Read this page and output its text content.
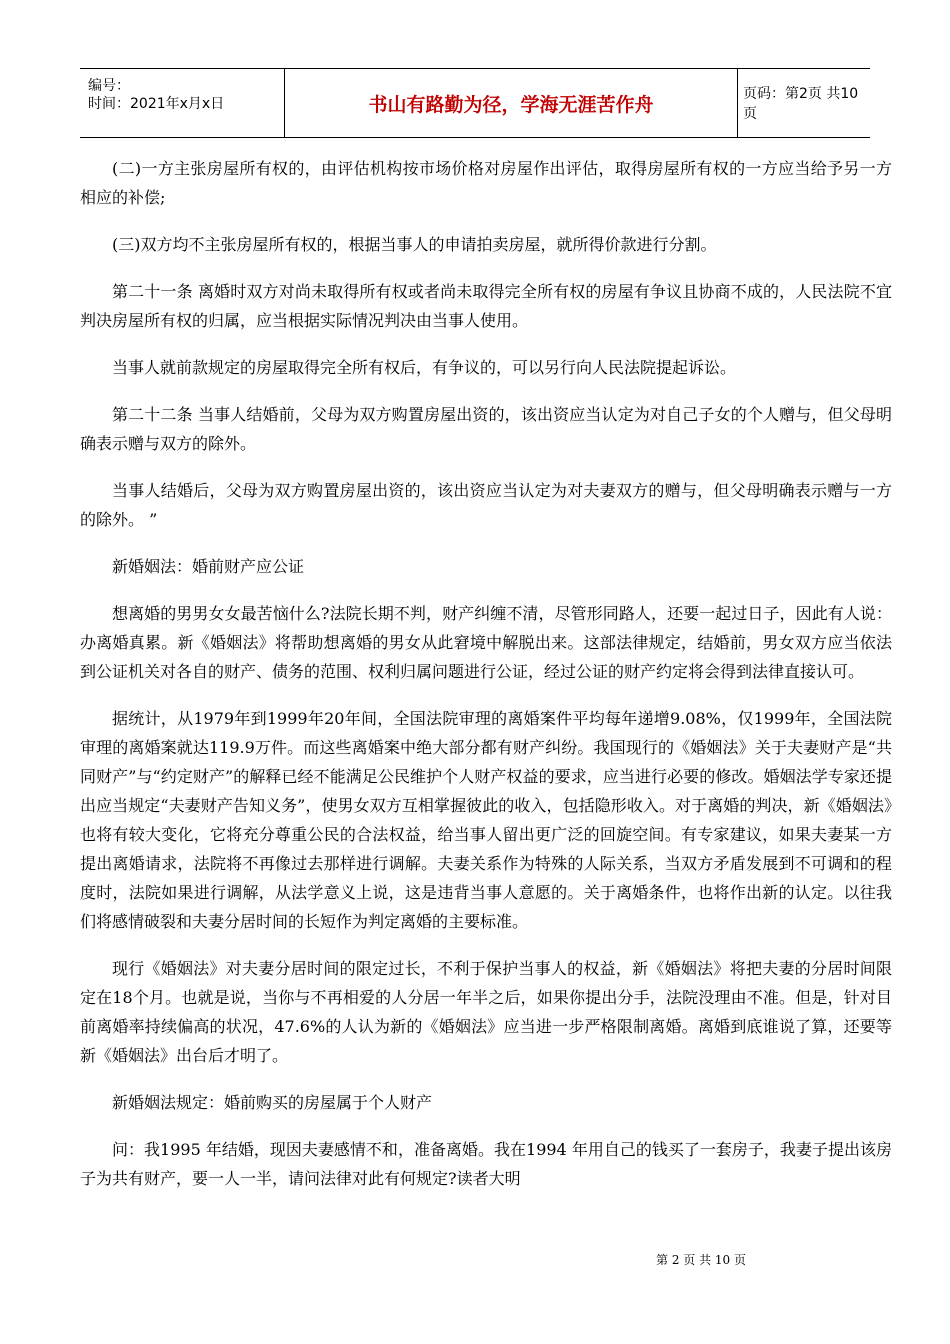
编号：
时间：2021年x月x日	书山有路勤为径，学海无涯苦作舟	页码：第2页 共10页

(二)一方主张房屋所有权的，由评估机构按市场价格对房屋作出评估，取得房屋所有权的一方应当给予另一方相应的补偿;

(三)双方均不主张房屋所有权的，根据当事人的申请拍卖房屋，就所得价款进行分割。

第二十一条 离婚时双方对尚未取得所有权或者尚未取得完全所有权的房屋有争议且协商不成的，人民法院不宜判决房屋所有权的归属，应当根据实际情况判决由当事人使用。

当事人就前款规定的房屋取得完全所有权后，有争议的，可以另行向人民法院提起诉讼。

第二十二条 当事人结婚前，父母为双方购置房屋出资的，该出资应当认定为对自己子女的个人赠与，但父母明确表示赠与双方的除外。

当事人结婚后，父母为双方购置房屋出资的，该出资应当认定为对夫妻双方的赠与，但父母明确表示赠与一方的除外。 ”

新婚姻法：婚前财产应公证

想离婚的男男女女最苦恼什么?法院长期不判，财产纠缠不清，尽管形同路人，还要一起过日子，因此有人说：办离婚真累。新《婚姻法》将帮助想离婚的男女从此窘境中解脱出来。这部法律规定，结婚前，男女双方应当依法到公证机关对各自的财产、债务的范围、权利归属问题进行公证，经过公证的财产约定将会得到法律直接认可。

据统计，从1979年到1999年20年间，全国法院审理的离婚案件平均每年递增9.08%，仅1999年，全国法院审理的离婚案就达119.9万件。而这些离婚案中绝大部分都有财产纠纷。我国现行的《婚姻法》关于夫妻财产是“共同财产”与“约定财产”的解释已经不能满足公民维护个人财产权益的要求，应当进行必要的修改。婚姻法学专家还提出应当规定“夫妻财产告知义务”，使男女双方互相掌握彼此的收入，包括隐形收入。对于离婚的判决，新《婚姻法》也将有较大变化，它将充分尊重公民的合法权益，给当事人留出更广泛的回旋空间。有专家建议，如果夫妻某一方提出离婚请求，法院将不再像过去那样进行调解。夫妻关系作为特殊的人际关系，当双方矛盾发展到不可调和的程度时，法院如果进行调解，从法学意义上说，这是违背当事人意愿的。关于离婚条件，也将作出新的认定。以往我们将感情破裂和夫妻分居时间的长短作为判定离婚的主要标准。

现行《婚姻法》对夫妻分居时间的限定过长，不利于保护当事人的权益，新《婚姻法》将把夫妻的分居时间限定在18个月。也就是说，当你与不再相爱的人分居一年半之后，如果你提出分手，法院没理由不准。但是，针对目前离婚率持续偏高的状况，47.6%的人认为新的《婚姻法》应当进一步严格限制离婚。离婚到底谁说了算，还要等新《婚姻法》出台后才明了。

新婚姻法规定：婚前购买的房屋属于个人财产

问：我1995 年结婚，现因夫妻感情不和，准备离婚。我在1994 年用自己的钱买了一套房子，我妻子提出该房子为共有财产，要一人一半，请问法律对此有何规定?读者大明

第 2 页 共 10 页
